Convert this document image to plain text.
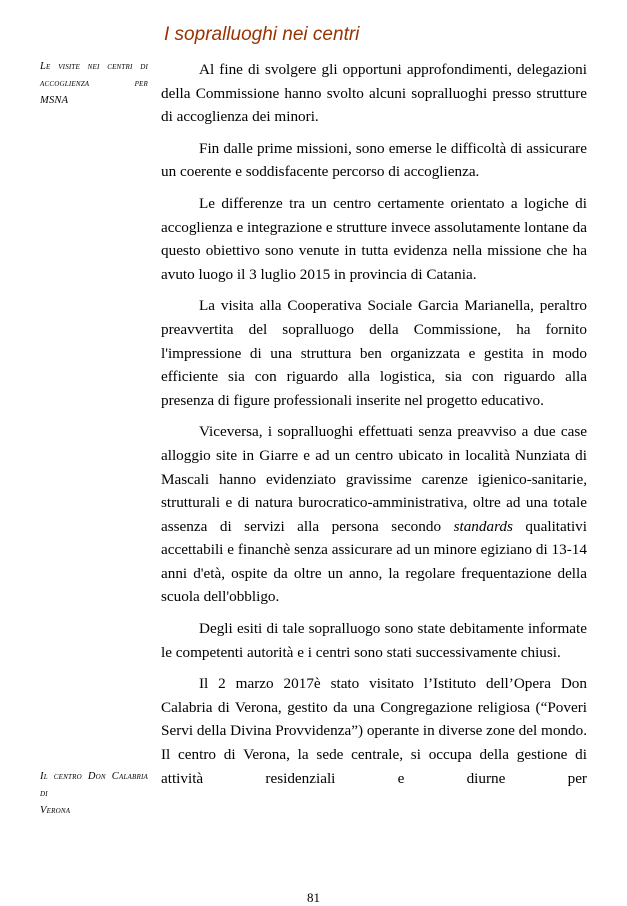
I sopralluoghi nei centri
Le visite nei centri di accoglienza per
MSNA
Il centro Don Calabria di
Verona

Al fine di svolgere gli opportuni approfondimenti, delegazioni della Commissione hanno svolto alcuni sopralluoghi presso strutture di accoglienza dei minori.

Fin dalle prime missioni, sono emerse le difficoltà di assicurare un coerente e soddisfacente percorso di accoglienza.

Le differenze tra un centro certamente orientato a logiche di accoglienza e integrazione e strutture invece assolutamente lontane da questo obiettivo sono venute in tutta evidenza nella missione che ha avuto luogo il 3 luglio 2015 in provincia di Catania.

La visita alla Cooperativa Sociale Garcia Marianella, peraltro preavvertita del sopralluogo della Commissione, ha fornito l'impressione di una struttura ben organizzata e gestita in modo efficiente sia con riguardo alla logistica, sia con riguardo alla presenza di figure professionali inserite nel progetto educativo.

Viceversa, i sopralluoghi effettuati senza preavviso a due case alloggio site in Giarre e ad un centro ubicato in località Nunziata di Mascali hanno evidenziato gravissime carenze igienico-sanitarie, strutturali e di natura burocratico-amministrativa, oltre ad una totale assenza di servizi alla persona secondo standards qualitativi accettabili e financhè senza assicurare ad un minore egiziano di 13-14 anni d'età, ospite da oltre un anno, la regolare frequentazione della scuola dell'obbligo.

Degli esiti di tale sopralluogo sono state debitamente informate le competenti autorità e i centri sono stati successivamente chiusi.

Il 2 marzo 2017è stato visitato l’Istituto dell’Opera Don Calabria di Verona, gestito da una Congregazione religiosa (“Poveri Servi della Divina Provvidenza”) operante in diverse zone del mondo. Il centro di Verona, la sede centrale, si occupa della gestione di attività residenziali e diurne per

81
